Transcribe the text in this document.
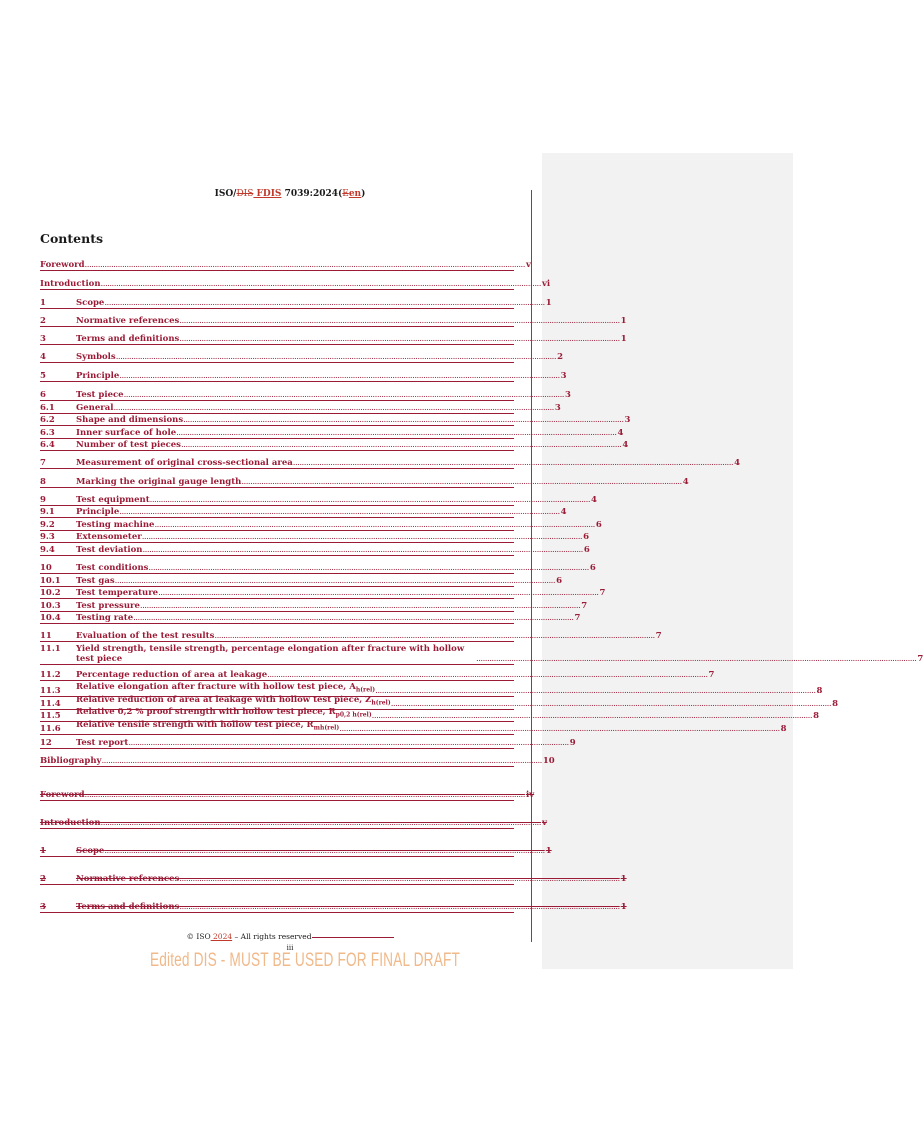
ISO/DIS FDIS 7039:2024(Een)
Contents
Foreword ........................................................................................................................................................................................................ v
Introduction ........................................................................................................................................................................................................ vi
1	Scope ........................................................................................................................................................................................................ 1
2	Normative references ........................................................................................................................................................................................................ 1
3	Terms and definitions ........................................................................................................................................................................................................ 1
4	Symbols ........................................................................................................................................................................................................ 2
5	Principle ........................................................................................................................................................................................................ 3
6	Test piece ........................................................................................................................................................................................................ 3
6.1	General ........................................................................................................................................................................................................ 3
6.2	Shape and dimensions ........................................................................................................................................................................................................ 3
6.3	Inner surface of hole ........................................................................................................................................................................................................ 4
6.4	Number of test pieces ........................................................................................................................................................................................................ 4
7	Measurement of original cross-sectional area ........................................................................................................................................................................................................ 4
8	Marking the original gauge length ........................................................................................................................................................................................................ 4
9	Test equipment ........................................................................................................................................................................................................ 4
9.1	Principle ........................................................................................................................................................................................................ 4
9.2	Testing machine ........................................................................................................................................................................................................ 6
9.3	Extensometer ........................................................................................................................................................................................................ 6
9.4	Test deviation ........................................................................................................................................................................................................ 6
10	Test conditions ........................................................................................................................................................................................................ 6
10.1	Test gas ........................................................................................................................................................................................................ 6
10.2	Test temperature ........................................................................................................................................................................................................ 7
10.3	Test pressure ........................................................................................................................................................................................................ 7
10.4	Testing rate ........................................................................................................................................................................................................ 7
11	Evaluation of the test results ........................................................................................................................................................................................................ 7
11.1	Yield strength, tensile strength, percentage elongation after fracture with hollow test piece	........................................................................................................................................................................................................ 7
11.2	Percentage reduction of area at leakage ........................................................................................................................................................................................................ 7
11.3	Relative elongation after fracture with hollow test piece, $A_{h(rel)}$ ........................................................................................................................................................................................................ 8
11.4	Relative reduction of area at leakage with hollow test piece, $Z_{h(rel)}$ ........................................................................................................................................................................................................ 8
11.5	Relative 0,2 % proof strength with hollow test piece, $R_{p0,2 h(rel)}$ ........................................................................................................................................................................................................ 8
11.6	Relative tensile strength with hollow test piece, $R_{mh(rel)}$ ........................................................................................................................................................................................................ 8
12	Test report ........................................................................................................................................................................................................ 9
Bibliography ........................................................................................................................................................................................................ 10
Foreword ........................................................................................................................................................................................................ iv
Introduction ........................................................................................................................................................................................................ v
1	Scope ........................................................................................................................................................................................................ 1
2	Normative references ........................................................................................................................................................................................................ 1
3	Terms and definitions ........................................................................................................................................................................................................ 1
© ISO 2024 – All rights reserved
iii
Edited DIS - MUST BE USED FOR FINAL DRAFT
